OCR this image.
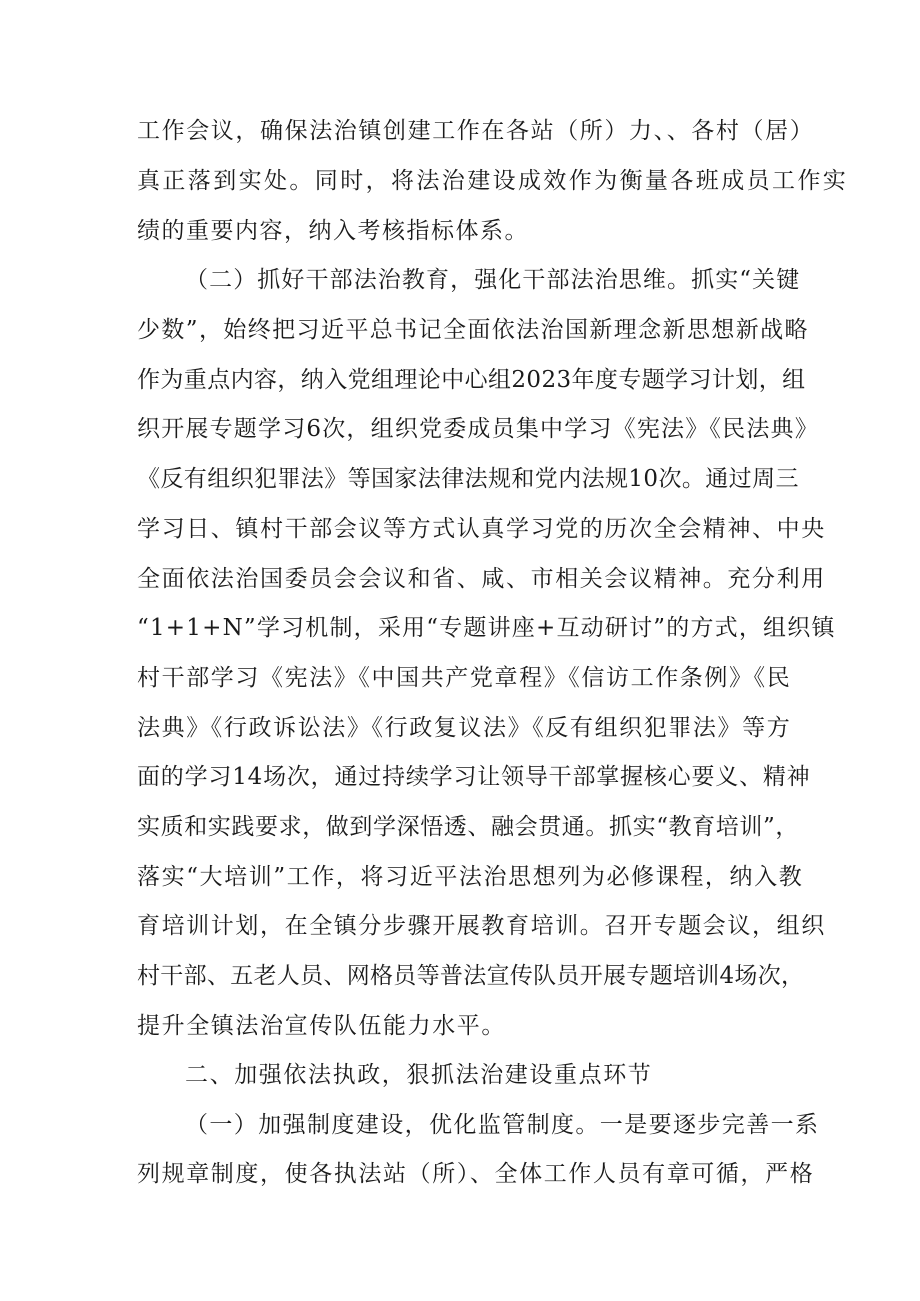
工作会议，确保法治镇创建工作在各站（所）力、、各村（居）
真正落到实处。同时，将法治建设成效作为衡量各班成员工作实
绩的重要内容，纳入考核指标体系。
（二）抓好干部法治教育，强化干部法治思维。抓实“关键
少数”，始终把习近平总书记全面依法治国新理念新思想新战略
作为重点内容，纳入党组理论中心组2023年度专题学习计划，组
织开展专题学习6次，组织党委成员集中学习《宪法》《民法典》
《反有组织犯罪法》等国家法律法规和党内法规10次。通过周三
学习日、镇村干部会议等方式认真学习党的历次全会精神、中央
全面依法治国委员会会议和省、咸、市相关会议精神。充分利用
“1+1+N”学习机制，采用“专题讲座+互动研讨”的方式，组织镇
村干部学习《宪法》《中国共产党章程》《信访工作条例》《民
法典》《行政诉讼法》《行政复议法》《反有组织犯罪法》等方
面的学习14场次，通过持续学习让领导干部掌握核心要义、精神
实质和实践要求，做到学深悟透、融会贯通。抓实“教育培训”，
落实“大培训”工作，将习近平法治思想列为必修课程，纳入教
育培训计划，在全镇分步骤开展教育培训。召开专题会议，组织
村干部、五老人员、网格员等普法宣传队员开展专题培训4场次，
提升全镇法治宣传队伍能力水平。
二、加强依法执政，狠抓法治建设重点环节
（一）加强制度建设，优化监管制度。一是要逐步完善一系
列规章制度，使各执法站（所）、全体工作人员有章可循，严格
